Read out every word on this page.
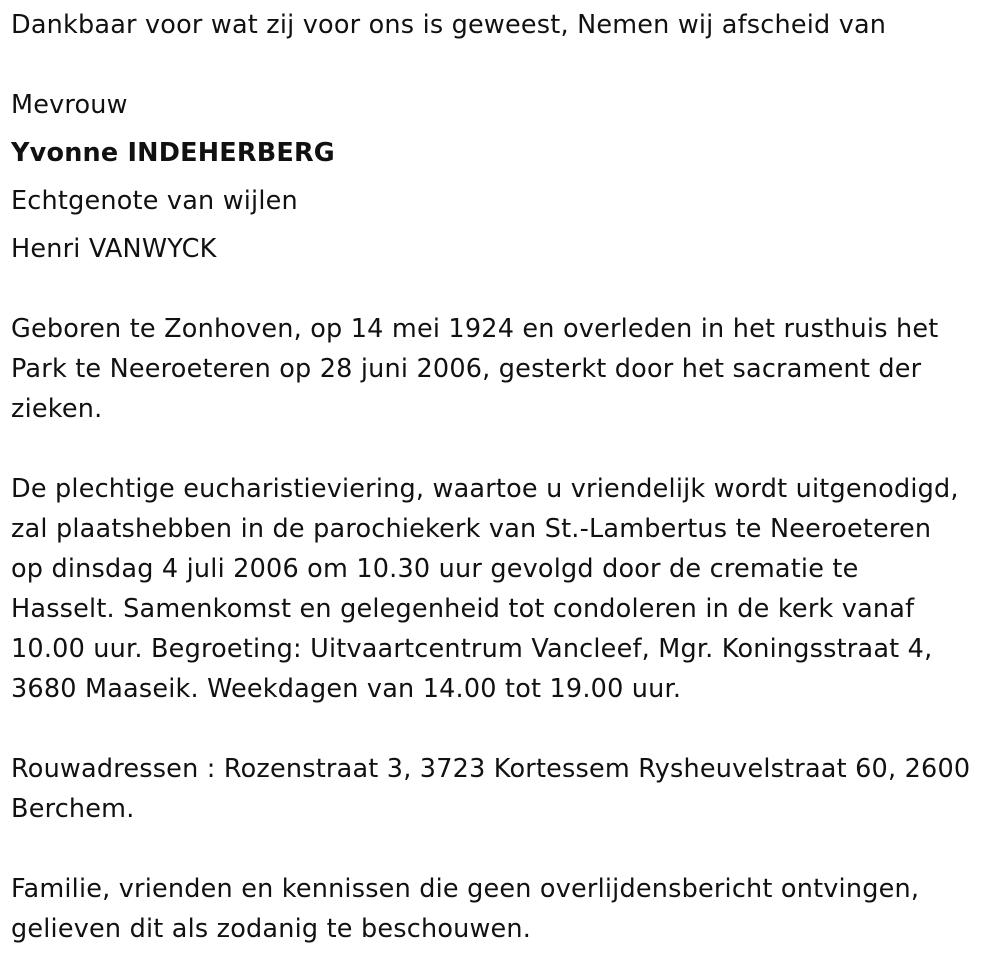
Dankbaar voor wat zij voor ons is geweest, Nemen wij afscheid van
Mevrouw
Yvonne INDEHERBERG
Echtgenote van wijlen
Henri VANWYCK
Geboren te Zonhoven, op 14 mei 1924 en overleden in het rusthuis het
Park te Neeroeteren op 28 juni 2006, gesterkt door het sacrament der
zieken.
De plechtige eucharistieviering, waartoe u vriendelijk wordt uitgenodigd,
zal plaatshebben in de parochiekerk van St.-Lambertus te Neeroeteren
op dinsdag 4 juli 2006 om 10.30 uur gevolgd door de crematie te
Hasselt. Samenkomst en gelegenheid tot condoleren in de kerk vanaf
10.00 uur. Begroeting: Uitvaartcentrum Vancleef, Mgr. Koningsstraat 4,
3680 Maaseik. Weekdagen van 14.00 tot 19.00 uur.
Rouwadressen : Rozenstraat 3, 3723 Kortessem Rysheuvelstraat 60, 2600
Berchem.
Familie, vrienden en kennissen die geen overlijdensbericht ontvingen,
gelieven dit als zodanig te beschouwen.
